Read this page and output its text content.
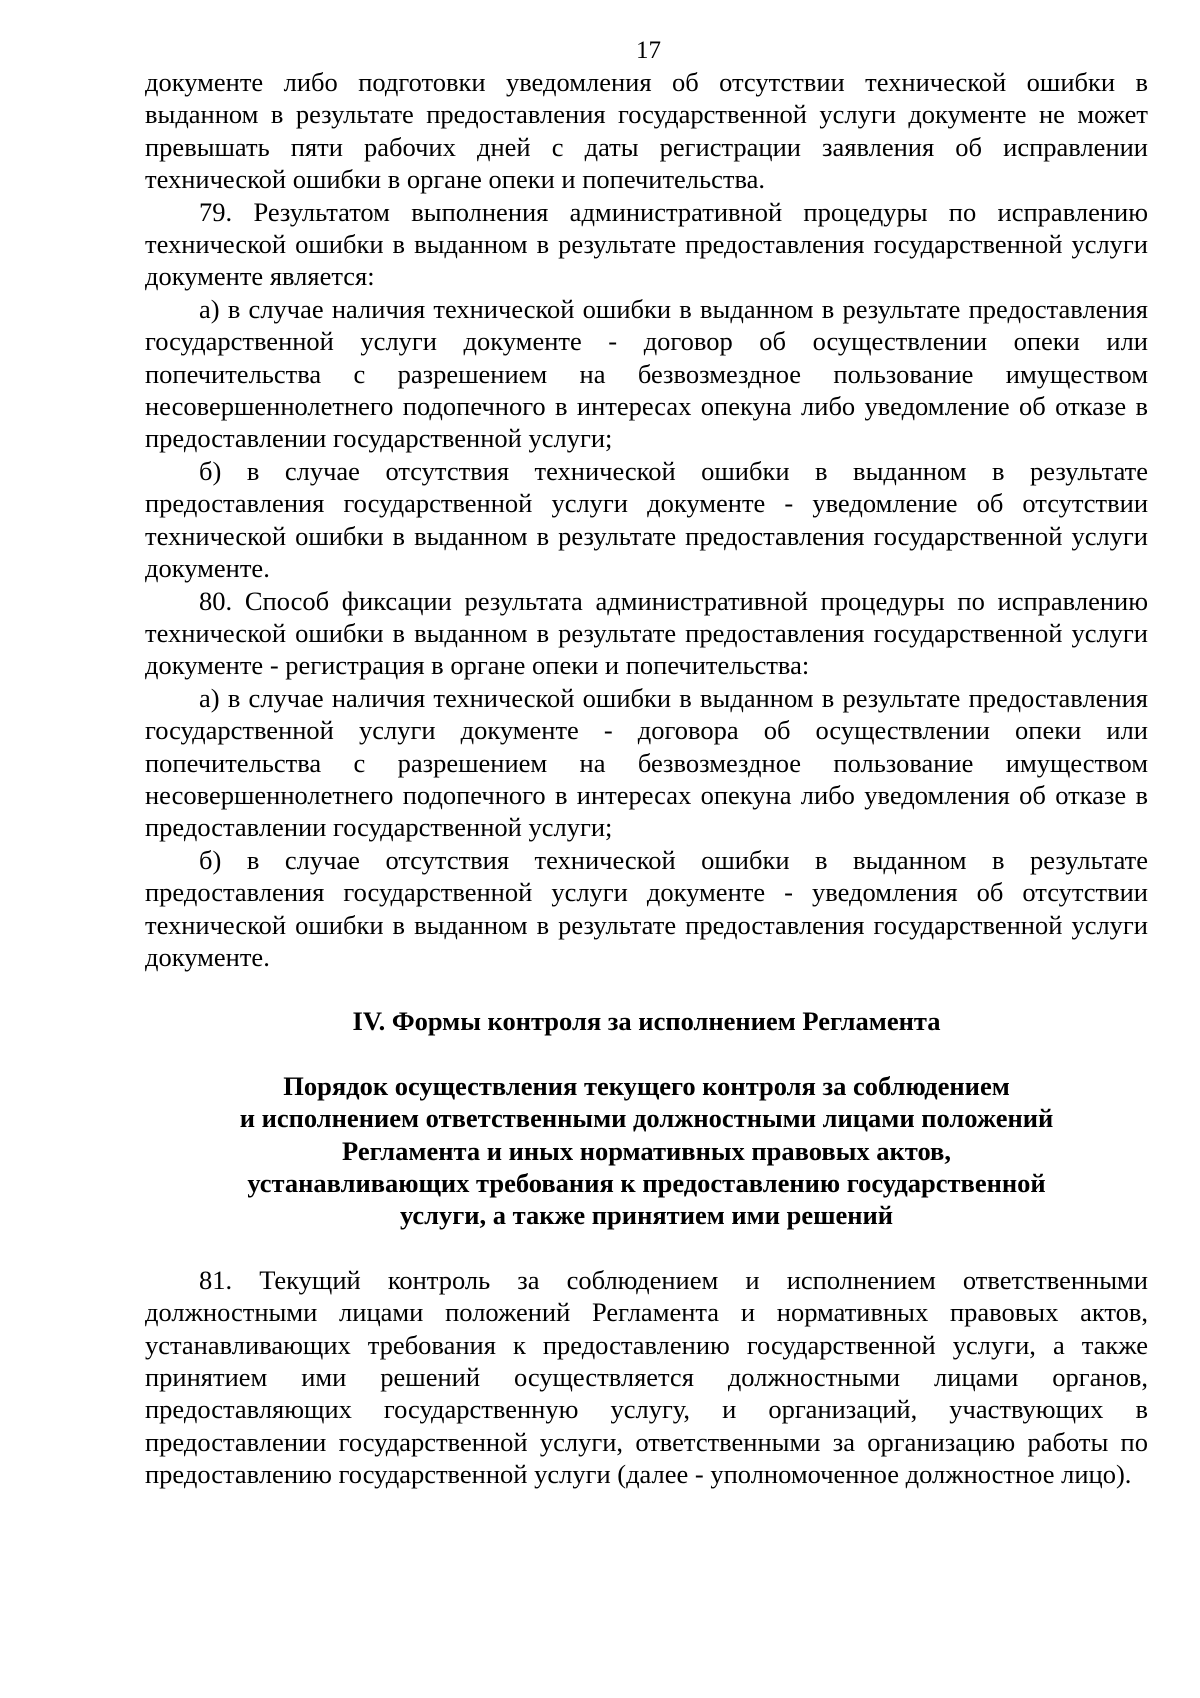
17

документе либо подготовки уведомления об отсутствии технической ошибки в выданном в результате предоставления государственной услуги документе не может превышать пяти рабочих дней с даты регистрации заявления об исправлении технической ошибки в органе опеки и попечительства.

79. Результатом выполнения административной процедуры по исправлению технической ошибки в выданном в результате предоставления государственной услуги документе является:

а) в случае наличия технической ошибки в выданном в результате предоставления государственной услуги документе - договор об осуществлении опеки или попечительства с разрешением на безвозмездное пользование имуществом несовершеннолетнего подопечного в интересах опекуна либо уведомление об отказе в предоставлении государственной услуги;

б) в случае отсутствия технической ошибки в выданном в результате предоставления государственной услуги документе - уведомление об отсутствии технической ошибки в выданном в результате предоставления государственной услуги документе.

80. Способ фиксации результата административной процедуры по исправлению технической ошибки в выданном в результате предоставления государственной услуги документе - регистрация в органе опеки и попечительства:

а) в случае наличия технической ошибки в выданном в результате предоставления государственной услуги документе - договора об осуществлении опеки или попечительства с разрешением на безвозмездное пользование имуществом несовершеннолетнего подопечного в интересах опекуна либо уведомления об отказе в предоставлении государственной услуги;

б) в случае отсутствия технической ошибки в выданном в результате предоставления государственной услуги документе - уведомления об отсутствии технической ошибки в выданном в результате предоставления государственной услуги документе.

IV. Формы контроля за исполнением Регламента
Порядок осуществления текущего контроля за соблюдением
и исполнением ответственными должностными лицами положений
Регламента и иных нормативных правовых актов,
устанавливающих требования к предоставлению государственной
услуги, а также принятием ими решений

81. Текущий контроль за соблюдением и исполнением ответственными должностными лицами положений Регламента и нормативных правовых актов, устанавливающих требования к предоставлению государственной услуги, а также принятием ими решений осуществляется должностными лицами органов, предоставляющих государственную услугу, и организаций, участвующих в предоставлении государственной услуги, ответственными за организацию работы по предоставлению государственной услуги (далее - уполномоченное должностное лицо).
